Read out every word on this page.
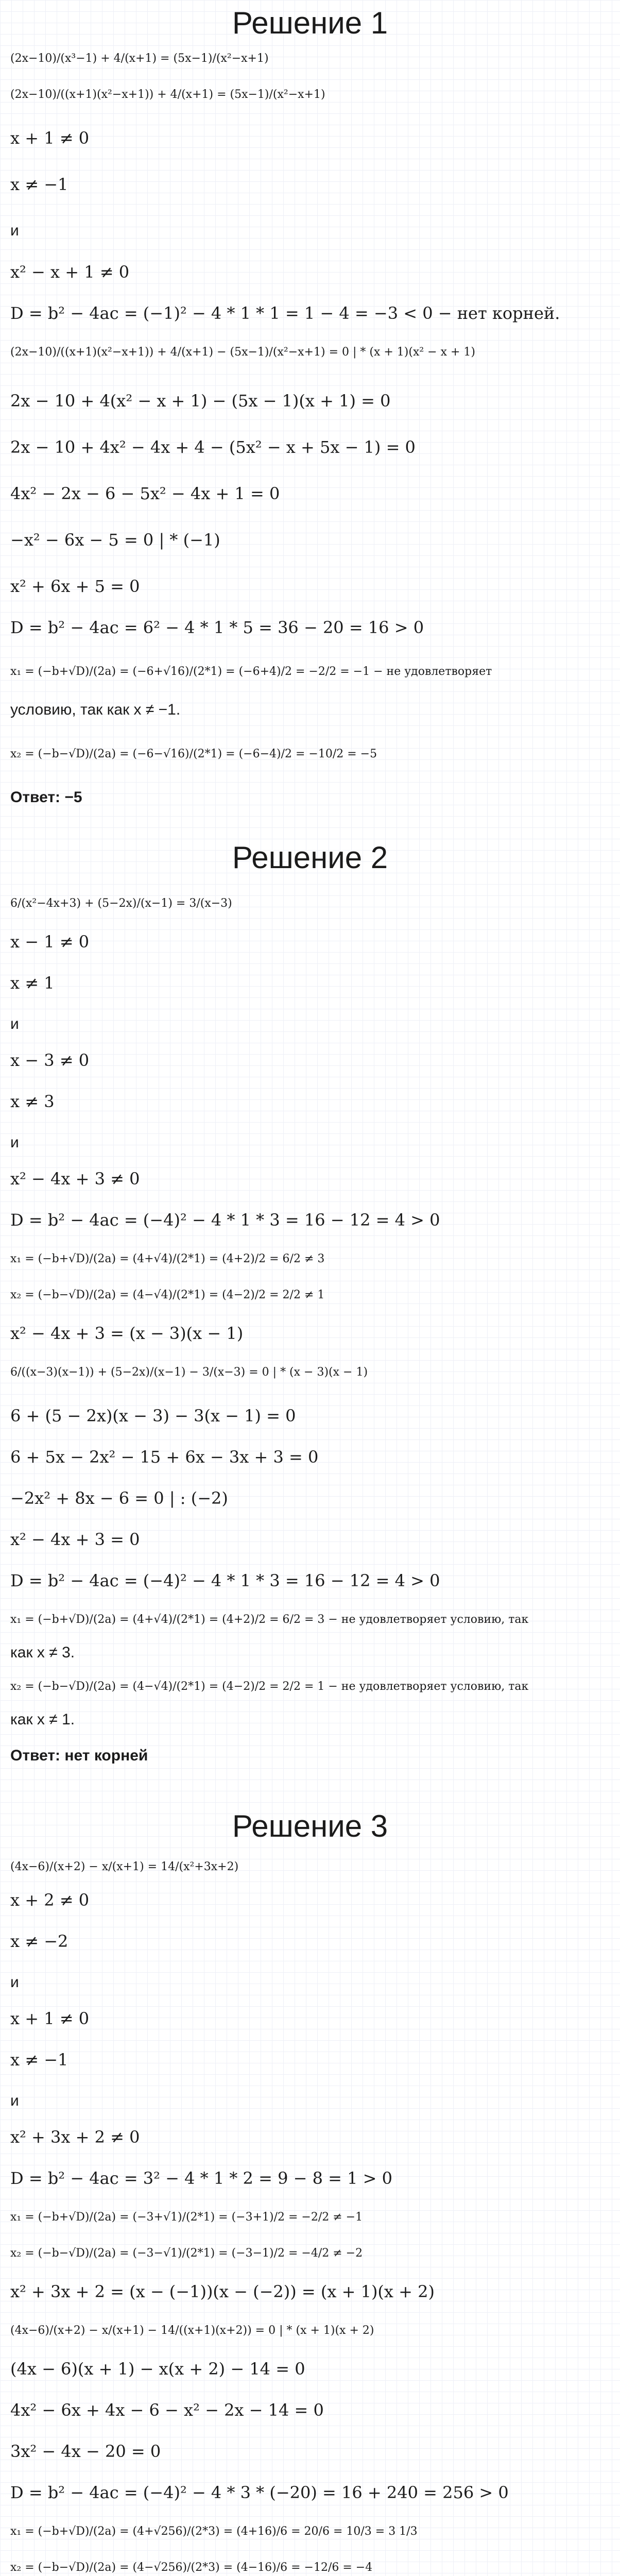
Решение 1
(2x−10)/(x³−1) + 4/(x+1) = (5x−1)/(x²−x+1)
(2x−10)/((x+1)(x²−x+1)) + 4/(x+1) = (5x−1)/(x²−x+1)
x + 1 ≠ 0
x ≠ −1
и
x² − x + 1 ≠ 0
D = b² − 4ac = (−1)² − 4 * 1 * 1 = 1 − 4 = −3 < 0 − нет корней.
(2x−10)/((x+1)(x²−x+1)) + 4/(x+1) − (5x−1)/(x²−x+1) = 0 | * (x + 1)(x² − x + 1)
2x − 10 + 4(x² − x + 1) − (5x − 1)(x + 1) = 0
2x − 10 + 4x² − 4x + 4 − (5x² − x + 5x − 1) = 0
4x² − 2x − 6 − 5x² − 4x + 1 = 0
−x² − 6x − 5 = 0 | * (−1)
x² + 6x + 5 = 0
D = b² − 4ac = 6² − 4 * 1 * 5 = 36 − 20 = 16 > 0
x₁ = (−b+√D)/(2a) = (−6+√16)/(2*1) = (−6+4)/2 = −2/2 = −1 − не удовлетворяет
условию, так как x ≠ −1.
x₂ = (−b−√D)/(2a) = (−6−√16)/(2*1) = (−6−4)/2 = −10/2 = −5
Ответ: −5
Решение 2
6/(x²−4x+3) + (5−2x)/(x−1) = 3/(x−3)
x − 1 ≠ 0
x ≠ 1
и
x − 3 ≠ 0
x ≠ 3
и
x² − 4x + 3 ≠ 0
D = b² − 4ac = (−4)² − 4 * 1 * 3 = 16 − 12 = 4 > 0
x₁ = (−b+√D)/(2a) = (4+√4)/(2*1) = (4+2)/2 = 6/2 ≠ 3
x₂ = (−b−√D)/(2a) = (4−√4)/(2*1) = (4−2)/2 = 2/2 ≠ 1
x² − 4x + 3 = (x − 3)(x − 1)
6/((x−3)(x−1)) + (5−2x)/(x−1) − 3/(x−3) = 0 | * (x − 3)(x − 1)
6 + (5 − 2x)(x − 3) − 3(x − 1) = 0
6 + 5x − 2x² − 15 + 6x − 3x + 3 = 0
−2x² + 8x − 6 = 0 | : (−2)
x² − 4x + 3 = 0
D = b² − 4ac = (−4)² − 4 * 1 * 3 = 16 − 12 = 4 > 0
x₁ = (−b+√D)/(2a) = (4+√4)/(2*1) = (4+2)/2 = 6/2 = 3 − не удовлетворяет условию, так
как x ≠ 3.
x₂ = (−b−√D)/(2a) = (4−√4)/(2*1) = (4−2)/2 = 2/2 = 1 − не удовлетворяет условию, так
как x ≠ 1.
Ответ: нет корней
Решение 3
(4x−6)/(x+2) − x/(x+1) = 14/(x²+3x+2)
x + 2 ≠ 0
x ≠ −2
и
x + 1 ≠ 0
x ≠ −1
и
x² + 3x + 2 ≠ 0
D = b² − 4ac = 3² − 4 * 1 * 2 = 9 − 8 = 1 > 0
x₁ = (−b+√D)/(2a) = (−3+√1)/(2*1) = (−3+1)/2 = −2/2 ≠ −1
x₂ = (−b−√D)/(2a) = (−3−√1)/(2*1) = (−3−1)/2 = −4/2 ≠ −2
x² + 3x + 2 = (x − (−1))(x − (−2)) = (x + 1)(x + 2)
(4x−6)/(x+2) − x/(x+1) − 14/((x+1)(x+2)) = 0 | * (x + 1)(x + 2)
(4x − 6)(x + 1) − x(x + 2) − 14 = 0
4x² − 6x + 4x − 6 − x² − 2x − 14 = 0
3x² − 4x − 20 = 0
D = b² − 4ac = (−4)² − 4 * 3 * (−20) = 16 + 240 = 256 > 0
x₁ = (−b+√D)/(2a) = (4+√256)/(2*3) = (4+16)/6 = 20/6 = 10/3 = 3 1/3
x₂ = (−b−√D)/(2a) = (4−√256)/(2*3) = (4−16)/6 = −12/6 = −4
